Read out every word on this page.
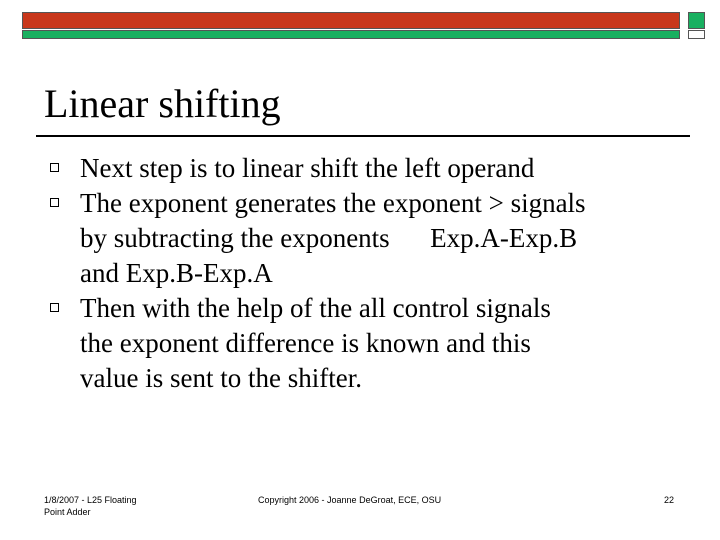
Linear shifting
Next step is to linear shift the left operand
The exponent generates the exponent > signals
by subtracting the exponents      Exp.A-Exp.B
and Exp.B-Exp.A
Then with the help of the all control signals
the exponent difference is known and this
value is sent to the shifter.
1/8/2007 - L25 Floating
Point Adder
Copyright 2006 - Joanne DeGroat, ECE, OSU	22
